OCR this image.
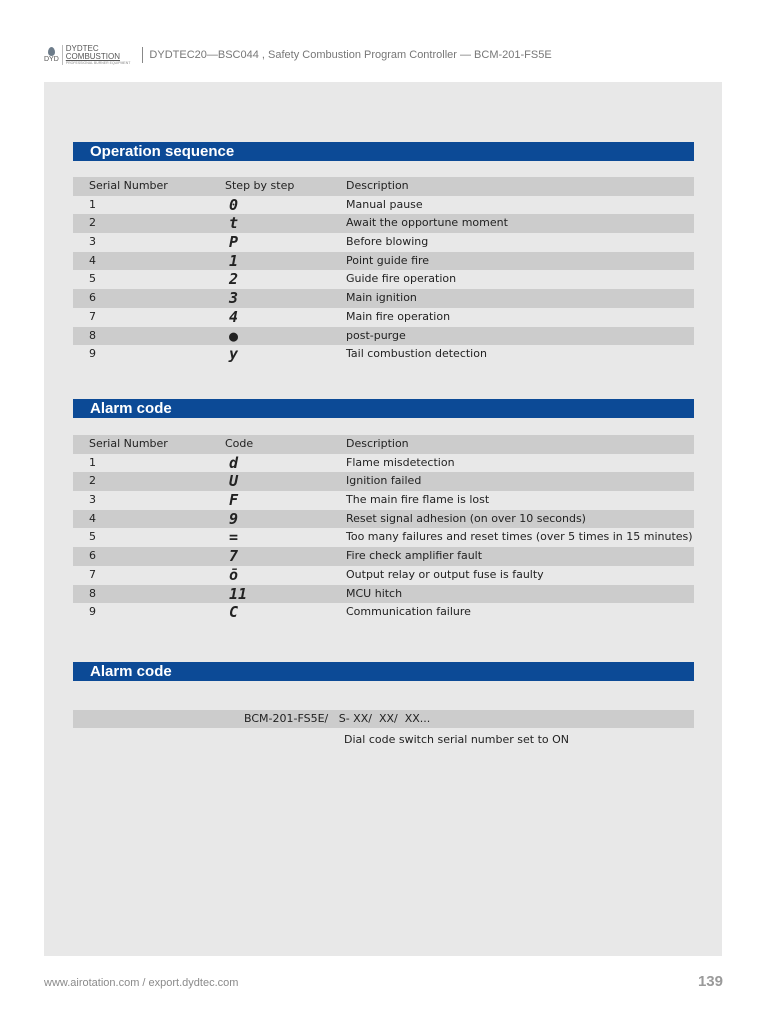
DYD
DYDTEC
COMBUSTION
PROFESSIONAL BURNER EQUIPMENT
DYDTEC20—BSC044 , Safety Combustion Program Controller — BCM-201-FS5E
Operation sequence
Serial Number	Step by step	Description
1	0	Manual pause
2	t	Await the opportune moment
3	P	Before blowing
4	1	Point guide fire
5	2	Guide fire operation
6	3	Main ignition
7	4	Main fire operation
8	●	post-purge
9	y	Tail combustion detection
Alarm code
Serial Number	Code	Description
1	d	Flame misdetection
2	U	Ignition failed
3	F	The main fire flame is lost
4	9	Reset signal adhesion (on over 10 seconds)
5	=	Too many failures and reset times (over 5 times in 15 minutes)
6	7	Fire check amplifier fault
7	ō	Output relay or output fuse is faulty
8	11	MCU hitch
9	C	Communication failure
Alarm code
BCM-201-FS5E/   S- XX/  XX/  XX...
Dial code switch serial number set to ON
www.airotation.com / export.dydtec.com	139
